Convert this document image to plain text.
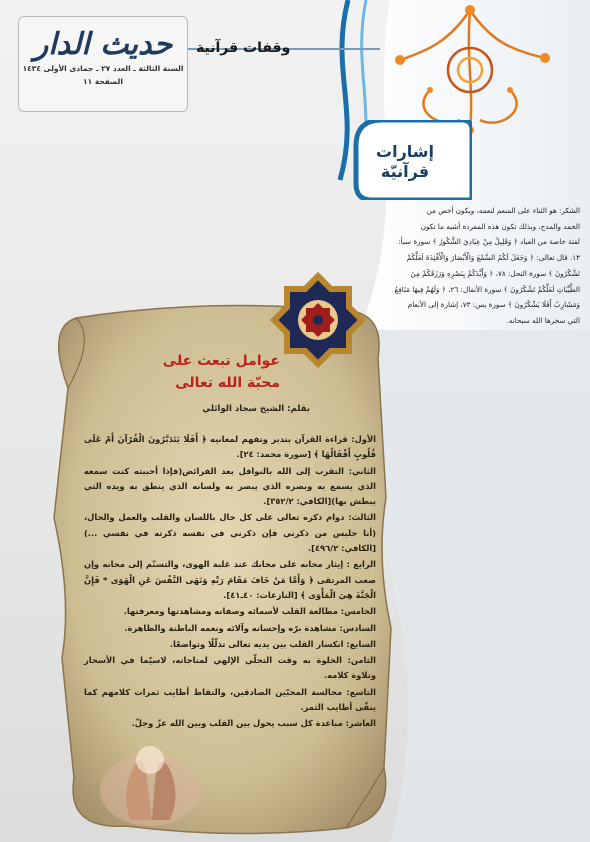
حديث الدار
السنة الثالثة ـ العدد ٢٧ ـ جمادى الأولى ١٤٣٤
الصفحة ١١
وقفات قرآنية
إشارات
قرآنيّة
الشكر: هو الثناء على المنعم لنعمه، ويكون أخص من
الحمد والمدح، وبذلك تكون هذه المفردة أشبه ما تكون
لفتة خاصة من العباد ﴿ وَقَلِيلٌ مِنْ عِبَادِيَ الشَّكُورُ ﴾ سورة سبأ:
١٣. قال تعالى: ﴿ وَجَعَلَ لَكُمُ السَّمْعَ وَالْأَبْصَارَ وَالْأَفْئِدَةَ لَعَلَّكُمْ
تَشْكُرُونَ ﴾ سورة النحل: ٧٨، ﴿ وَأَيَّدَكُمْ بِنَصْرِهِ وَرَزَقَكُمْ مِنَ
الطَّيِّبَاتِ لَعَلَّكُمْ تَشْكُرُونَ ﴾ سورة الأنفال: ٢٦، ﴿ وَلَهُمْ فِيهَا مَنَافِعُ
وَمَشَارِبُ أَفَلَا يَشْكُرُونَ ﴾ سورة يس: ٧٣، إشارة إلى الأنعام
التي سخرها الله سبحانه.
عوامل تبعث على
محبّة الله تعالى
بقلم: الشيخ سجاد الوائلي

الأول: قراءة القرآن بتدبر وتفهم لمعانيه ﴿ أَفَلَا يَتَدَبَّرُونَ الْقُرْآنَ أَمْ عَلَى قُلُوبٍ أَقْفَالُهَا ﴾ [سورة محمد: ٢٤].

الثاني: التقرب إلى الله بالنوافل بعد الفرائض(فإذا أحببته كنت سمعه الذي يسمع به وبصره الذي يبصر به ولسانه الذي ينطق به ويده التي يبطش بها)[الكافي: ٣٥٢/٢].

الثالث: دوام ذكره تعالى على كل حال باللسان والقلب والعمل والحال،(أنا جليس من ذكرني فإن ذكرني في نفسه ذكرته في نفسي ...)[الكافي: ٤٩٦/٢].

الرابع : إيثار محابه على محابك عند غلبة الهوى، والتسنّم إلى محابه وإن صعب المرتقى ﴿ وَأَمَّا مَنْ خَافَ مَقَامَ رَبِّهِ وَنَهَى النَّفْسَ عَنِ الْهَوَى * فَإِنَّ الْجَنَّةَ هِيَ الْمَأْوَى ﴾ [النازعات: ٤٠ـ٤١].

الخامس: مطالعة القلب لأسمائه وصفاته ومشاهدتها ومعرفتها.

السادس: مشاهدة برّه وإحسانه وآلائه ونعمه الباطنة والظاهرة.

السابع: انكسار القلب بين يديه تعالى تذلّلًا وتواضعًا.

الثامن: الخلوة به وقت التجلّي الإلهي لمناجاته، لاسيّما في الأسحار وتلاوة كلامه.

التاسع: مجالسة المحبّين الصادقين، والتقاط أطايب ثمرات كلامهم كما ينقّى أطايب الثمر.

العاشر: مباعدة كل سبب يحول بين القلب وبين الله عزّ وجلّ.
